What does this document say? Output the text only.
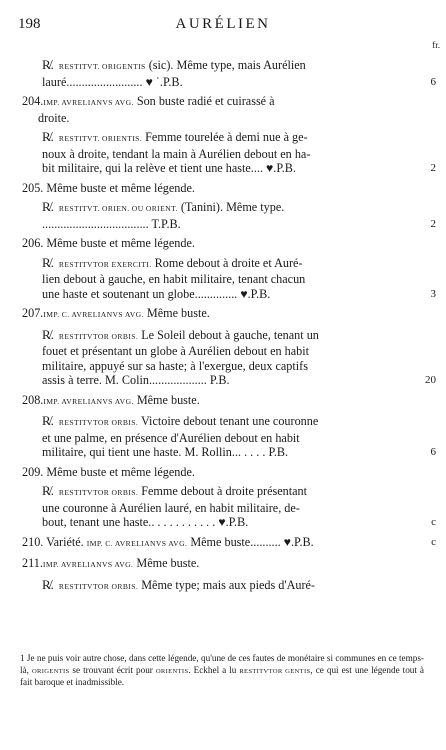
198	AURÉLIEN
fr.
R̸. RESTITVT. ORIGENTIS (sic). Même type, mais Aurélien
lauré......................... ♥ ˈ.P.B.	6
204.IMP. AVRELIANVS AVG. Son buste radié et cuirassé à
droite.
R̸. RESTITVT. ORIENTIS. Femme tourelée à demi nue à ge-
noux à droite, tendant la main à Aurélien debout en ha-
bit militaire, qui la relève et tient une haste.... ♥.P.B.	2
205. Même buste et même légende.
R̸. RESTITVT. ORIEN. OU ORIENT. (Tanini). Même type.
................................... T.P.B.	2
206. Même buste et même légende.
R̸. RESTITVTOR EXERCITI. Rome debout à droite et Auré-
lien debout à gauche, en habit militaire, tenant chacun
une haste et soutenant un globe.............. ♥.P.B.	3
207.IMP. C. AVRELIANVS AVG. Même buste.
R̸. RESTITVTOR ORBIS. Le Soleil debout à gauche, tenant un
fouet et présentant un globe à Aurélien debout en habit
militaire, appuyé sur sa haste; à l'exergue, deux captifs
assis à terre. M. Colin................... P.B.	20
208.IMP. AVRELIANVS AVG. Même buste.
R̸. RESTITVTOR ORBIS. Victoire debout tenant une couronne
et une palme, en présence d'Aurélien debout en habit
militaire, qui tient une haste. M. Rollin... . . . . P.B.	6
209. Même buste et même légende.
R̸. RESTITVTOR ORBIS. Femme debout à droite présentant
une couronne à Aurélien lauré, en habit militaire, de-
bout, tenant une haste.. . . . . . . . . . . ♥.P.B.	c
210. Variété. IMP. C. AVRELIANVS AVG. Même buste.......... ♥.P.B.	c
211.IMP. AVRELIANVS AVG. Même buste.
R̸. RESTITVTOR ORBIS. Même type; mais aux pieds d'Auré-
1 Je ne puis voir autre chose, dans cette légende, qu'une de ces fautes de monétaire si communes en ce temps-là, ORIGENTIS se trouvant écrit pour ORIENTIS. Eckhel a lu RESTITVTOR GENTIS, ce qui est une légende tout à fait baroque et inadmissible.
